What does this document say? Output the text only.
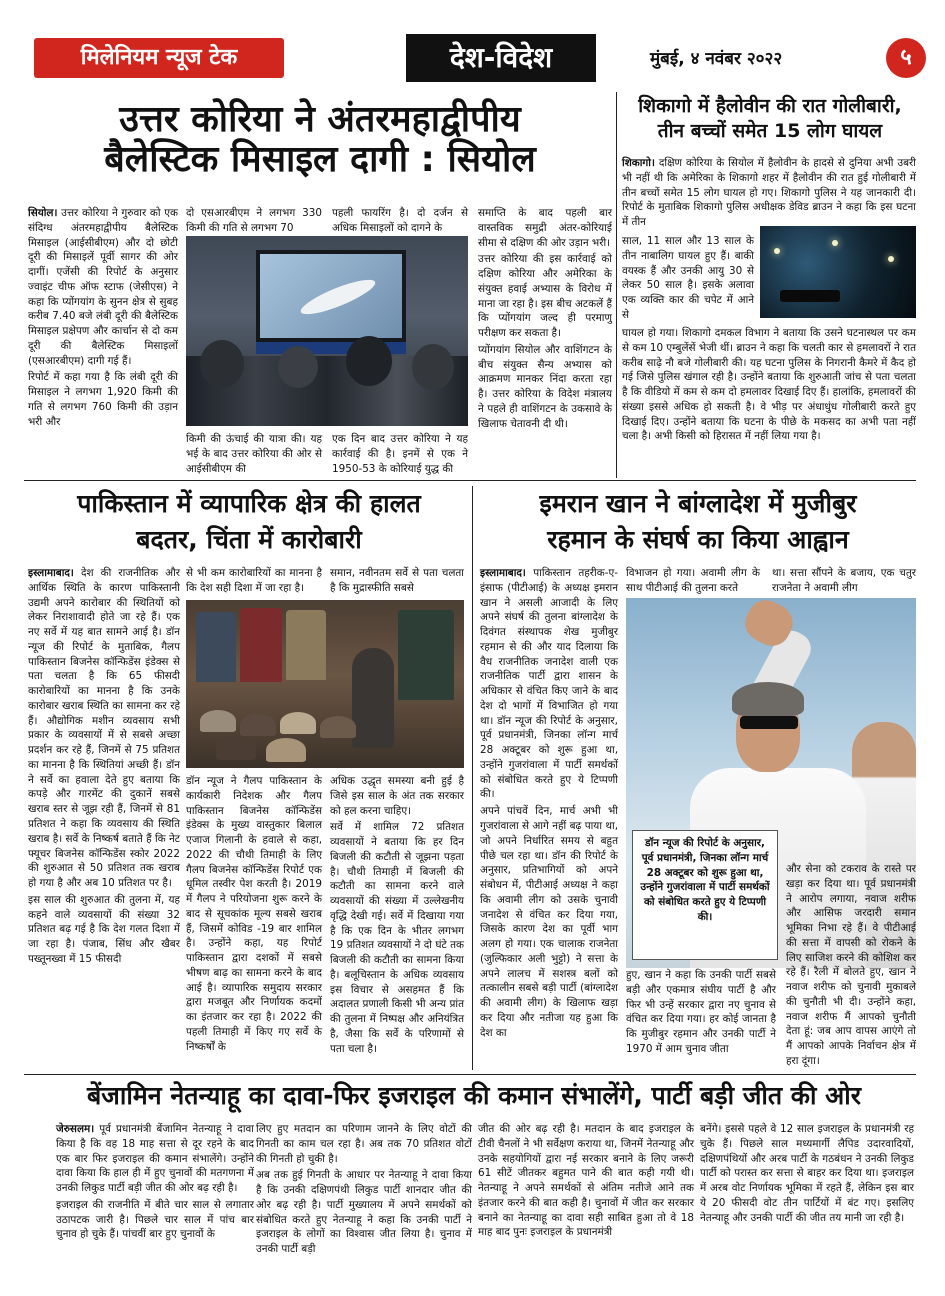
मिलेनियम न्यूज टेक	देश-विदेश	मुंबई, ४ नवंबर २०२२	५
उत्तर कोरिया ने अंतरमहाद्वीपीय
बैलेस्टिक मिसाइल दागी : सियोल

सियोल। उत्तर कोरिया ने गुरुवार को एक संदिग्ध अंतरमहाद्वीपीय बैलेस्टिक मिसाइल (आईसीबीएम) और दो छोटी दूरी की मिसाइलें पूर्वी सागर की ओर दागीं। एजेंसी की रिपोर्ट के अनुसार ज्वाइंट चीफ ऑफ स्टाफ (जेसीएस) ने कहा कि प्योंगयांग के सुनन क्षेत्र से सुबह करीब 7.40 बजे लंबी दूरी की बैलेस्टिक मिसाइल प्रक्षेपण और कार्चान से दो कम दूरी की बैलेस्टिक मिसाइलों (एसआरबीएम) दागी गई हैं।

रिपोर्ट में कहा गया है कि लंबी दूरी की मिसाइल ने लगभग 1,920 किमी की गति से लगभग 760 किमी की उड़ान भरी और

दो एसआरबीएम ने लगभग 330 किमी की गति से लगभग 70
पहली फायरिंग है। दो दर्जन से अधिक मिसाइलों को दागने के
किमी की ऊंचाई की यात्रा की। यह भई के बाद उत्तर कोरिया की ओर से आईसीबीएम की
एक दिन बाद उत्तर कोरिया ने यह कार्रवाई की है। इनमें से एक ने 1950-53 के कोरियाई युद्ध की

समाप्ति के बाद पहली बार वास्तविक समुद्री अंतर-कोरियाई सीमा से दक्षिण की ओर उड़ान भरी।

उत्तर कोरिया की इस कार्रवाई को दक्षिण कोरिया और अमेरिका के संयुक्त हवाई अभ्यास के विरोध में माना जा रहा है। इस बीच अटकलें हैं कि प्योंगयांग जल्द ही परमाणु परीक्षण कर सकता है।

प्योंगयांग सियोल और वाशिंगटन के बीच संयुक्त सैन्य अभ्यास को आक्रमण मानकर निंदा करता रहा है। उत्तर कोरिया के विदेश मंत्रालय ने पहले ही वाशिंगटन के उकसावे के खिलाफ चेतावनी दी थी।

शिकागो में हैलोवीन की रात गोलीबारी,
तीन बच्चों समेत 15 लोग घायल
शिकागो। दक्षिण कोरिया के सियोल में हैलोवीन के हादसे से दुनिया अभी उबरी भी नहीं थी कि अमेरिका के शिकागो शहर में हैलोवीन की रात हुई गोलीबारी में तीन बच्चों समेत 15 लोग घायल हो गए। शिकागो पुलिस ने यह जानकारी दी। रिपोर्ट के मुताबिक शिकागो पुलिस अधीक्षक डेविड ब्राउन ने कहा कि इस घटना में तीन
साल, 11 साल और 13 साल के तीन नाबालिग घायल हुए हैं। बाकी वयस्क हैं और उनकी आयु 30 से लेकर 50 साल है। इसके अलावा एक व्यक्ति कार की चपेट में आने से
घायल हो गया। शिकागो दमकल विभाग ने बताया कि उसने घटनास्थल पर कम से कम 10 एम्बुलेंसें भेजी थीं। ब्राउन ने कहा कि चलती कार से हमलावरों ने रात करीब साढ़े नौ बजे गोलीबारी की। यह घटना पुलिस के निगरानी कैमरे में कैद हो गई जिसे पुलिस खंगाल रही है। उन्होंने बताया कि शुरुआती जांच से पता चलता है कि वीडियो में कम से कम दो हमलावर दिखाई दिए हैं। हालांकि, हमलावरों की संख्या इससे अधिक हो सकती है। वे भीड़ पर अंधाधुंध गोलीबारी करते हुए दिखाई दिए। उन्होंने बताया कि घटना के पीछे के मकसद का अभी पता नहीं चला है। अभी किसी को हिरासत में नहीं लिया गया है।
पाकिस्तान में व्यापारिक क्षेत्र की हालत
बदतर, चिंता में कारोबारी

इस्लामाबाद। देश की राजनीतिक और आर्थिक स्थिति के कारण पाकिस्तानी उद्यमी अपने कारोबार की स्थितियों को लेकर निराशावादी होते जा रहे हैं। एक नए सर्वे में यह बात सामने आई है। डॉन न्यूज की रिपोर्ट के मुताबिक, गैलप पाकिस्तान बिजनेस कॉन्फिडेंस इंडेक्स से पता चलता है कि 65 फीसदी कारोबारियों का मानना है कि उनके कारोबार खराब स्थिति का सामना कर रहे हैं। औद्योगिक मशीन व्यवसाय सभी प्रकार के व्यवसायों में से सबसे अच्छा प्रदर्शन कर रहे हैं, जिनमें से 75 प्रतिशत का मानना है कि स्थितियां अच्छी हैं। डॉन ने सर्वे का हवाला देते हुए बताया कि कपड़े और गारमेंट की दुकानें सबसे खराब स्तर से जूझ रही हैं, जिनमें से 81 प्रतिशत ने कहा कि व्यवसाय की स्थिति खराब है। सर्वे के निष्कर्ष बताते हैं कि नेट फ्यूचर बिजनेस कॉन्फिडेंस स्कोर 2022 की शुरुआत से 50 प्रतिशत तक खराब हो गया है और अब 10 प्रतिशत पर है।

इस साल की शुरुआत की तुलना में, यह कहने वाले व्यवसायों की संख्या 32 प्रतिशत बढ़ गई है कि देश गलत दिशा में जा रहा है। पंजाब, सिंध और खैबर पख्तूनख्वा में 15 फीसदी

से भी कम कारोबारियों का मानना है कि देश सही दिशा में जा रहा है।
समान, नवीनतम सर्वे से पता चलता है कि मुद्रास्फीति सबसे
डॉन न्यूज ने गैलप पाकिस्तान के कार्यकारी निदेशक और गैलप पाकिस्तान बिजनेस कॉन्फिडेंस इंडेक्स के मुख्य वास्तुकार बिलाल एजाज गिलानी के हवाले से कहा, 2022 की चौथी तिमाही के लिए गैलप बिजनेस कॉन्फिडेंस रिपोर्ट एक धूमिल तस्वीर पेश करती है। 2019 में गैलप ने परियोजना शुरू करने के बाद से सूचकांक मूल्य सबसे खराब हैं, जिसमें कोविड -19 बार शामिल है। उन्होंने कहा, यह रिपोर्ट पाकिस्तान द्वारा दशकों में सबसे भीषण बाढ़ का सामना करने के बाद आई है। व्यापारिक समुदाय सरकार द्वारा मजबूत और निर्णायक कदमों का इंतजार कर रहा है। 2022 की पहली तिमाही में किए गए सर्वे के निष्कर्षों के

अधिक उद्धृत समस्या बनी हुई है जिसे इस साल के अंत तक सरकार को हल करना चाहिए।

सर्वे में शामिल 72 प्रतिशत व्यवसायों ने बताया कि हर दिन बिजली की कटौती से जूझना पड़ता है। चौथी तिमाही में बिजली की कटौती का सामना करने वाले व्यवसायों की संख्या में उल्लेखनीय वृद्धि देखी गई। सर्वे में दिखाया गया है कि एक दिन के भीतर लगभग 19 प्रतिशत व्यवसायों ने दो घंटे तक बिजली की कटौती का सामना किया है। बलूचिस्तान के अधिक व्यवसाय इस विचार से असहमत हैं कि अदालत प्रणाली किसी भी अन्य प्रांत की तुलना में निष्पक्ष और अनियंत्रित है, जैसा कि सर्वे के परिणामों से पता चला है।

इमरान खान ने बांग्लादेश में मुजीबुर
रहमान के संघर्ष का किया आह्वान

इस्लामाबाद। पाकिस्तान तहरीक-ए-इंसाफ (पीटीआई) के अध्यक्ष इमरान खान ने असली आजादी के लिए अपने संघर्ष की तुलना बांग्लादेश के दिवंगत संस्थापक शेख मुजीबुर रहमान से की और याद दिलाया कि वैध राजनीतिक जनादेश वाली एक राजनीतिक पार्टी द्वारा शासन के अधिकार से वंचित किए जाने के बाद देश दो भागों में विभाजित हो गया था। डॉन न्यूज की रिपोर्ट के अनुसार, पूर्व प्रधानमंत्री, जिनका लॉन्ग मार्च 28 अक्टूबर को शुरू हुआ था, उन्होंने गुजरांवाला में पार्टी समर्थकों को संबोधित करते हुए ये टिप्पणी की।

अपने पांचवें दिन, मार्च अभी भी गुजरांवाला से आगे नहीं बढ़ पाया था, जो अपने निर्धारित समय से बहुत पीछे चल रहा था। डॉन की रिपोर्ट के अनुसार, प्रतिभागियों को अपने संबोधन में, पीटीआई अध्यक्ष ने कहा कि अवामी लीग को उसके चुनावी जनादेश से वंचित कर दिया गया, जिसके कारण देश का पूर्वी भाग अलग हो गया। एक चालाक राजनेता (जुल्फिकार अली भुट्टो) ने सत्ता के अपने लालच में सशस्त्र बलों को तत्कालीन सबसे बड़ी पार्टी (बांग्लादेश की अवामी लीग) के खिलाफ खड़ा कर दिया और नतीजा यह हुआ कि देश का

विभाजन हो गया। अवामी लीग के साथ पीटीआई की तुलना करते
था। सत्ता सौंपने के बजाय, एक चतुर राजनेता ने अवामी लीग
डॉन न्यूज की रिपोर्ट के अनुसार, पूर्व प्रधानमंत्री, जिनका लॉन्ग मार्च 28 अक्टूबर को शुरू हुआ था, उन्होंने गुजरांवाला में पार्टी समर्थकों को संबोधित करते हुए ये टिप्पणी की।
और सेना को टकराव के रास्ते पर खड़ा कर दिया था। पूर्व प्रधानमंत्री ने आरोप लगाया, नवाज शरीफ और आसिफ जरदारी समान भूमिका निभा रहे हैं। वे पीटीआई की सत्ता में वापसी को रोकने के लिए साजिश करने की कोशिश कर रहे हैं। रैली में बोलते हुए, खान ने नवाज शरीफ को चुनावी मुकाबले की चुनौती भी दी। उन्होंने कहा, नवाज शरीफ मैं आपको चुनौती देता हूं: जब आप वापस आएंगे तो मैं आपको आपके निर्वाचन क्षेत्र में हरा दूंगा।
हुए, खान ने कहा कि उनकी पार्टी सबसे बड़ी और एकमात्र संघीय पार्टी है और फिर भी उन्हें सरकार द्वारा नए चुनाव से वंचित कर दिया गया। हर कोई जानता है कि मुजीबुर रहमान और उनकी पार्टी ने 1970 में आम चुनाव जीता
बेंजामिन नेतन्याहू का दावा-फिर इजराइल की कमान संभालेंगे, पार्टी बड़ी जीत की ओर

जेरुसलम। पूर्व प्रधानमंत्री बेंजामिन नेतन्याहू ने दावा किया है कि वह 18 माह सत्ता से दूर रहने के बाद एक बार फिर इजराइल की कमान संभालेंगे। उन्होंने दावा किया कि हाल ही में हुए चुनावों की मतगणना में उनकी लिकुड पार्टी बड़ी जीत की ओर बढ़ रही है।

इजराइल की राजनीति में बीते चार साल से लगातार उठापटक जारी है। पिछले चार साल में पांच बार चुनाव हो चुके हैं। पांचवीं बार हुए चुनावों के

लिए हुए मतदान का परिणाम जानने के लिए वोटों की गिनती का काम चल रहा है। अब तक 70 प्रतिशत वोटों की गिनती हो चुकी है।

अब तक हुई गिनती के आधार पर नेतन्याहू ने दावा किया है कि उनकी दक्षिणपंथी लिकुड पार्टी शानदार जीत की ओर बढ़ रही है। पार्टी मुख्यालय में अपने समर्थकों को संबोधित करते हुए नेतन्याहू ने कहा कि उनकी पार्टी ने इजराइल के लोगों का विश्वास जीत लिया है। चुनाव में उनकी पार्टी बड़ी

जीत की ओर बढ़ रही है। मतदान के बाद इजराइल के टीवी चैनलों ने भी सर्वेक्षण कराया था, जिनमें नेतन्याहू और उनके सहयोगियों द्वारा नई सरकार बनाने के लिए जरूरी 61 सीटें जीतकर बहुमत पाने की बात कही गयी थी। नेतन्याहू ने अपने समर्थकों से अंतिम नतीजे आने तक इंतजार करने की बात कही है। चुनावों में जीत कर सरकार बनाने का नेतन्याहू का दावा सही साबित हुआ तो वे 18 माह बाद पुनः इजराइल के प्रधानमंत्री
बनेंगे। इससे पहले वे 12 साल इजराइल के प्रधानमंत्री रह चुके हैं। पिछले साल मध्यमार्गी लैपिड उदारवादियों, दक्षिणपंथियों और अरब पार्टी के गठबंधन ने उनकी लिकुड पार्टी को परास्त कर सत्ता से बाहर कर दिया था। इजराइल में अरब वोट निर्णायक भूमिका में रहते हैं, लेकिन इस बार ये 20 फीसदी वोट तीन पार्टियों में बंट गए। इसलिए नेतन्याहू और उनकी पार्टी की जीत तय मानी जा रही है।
